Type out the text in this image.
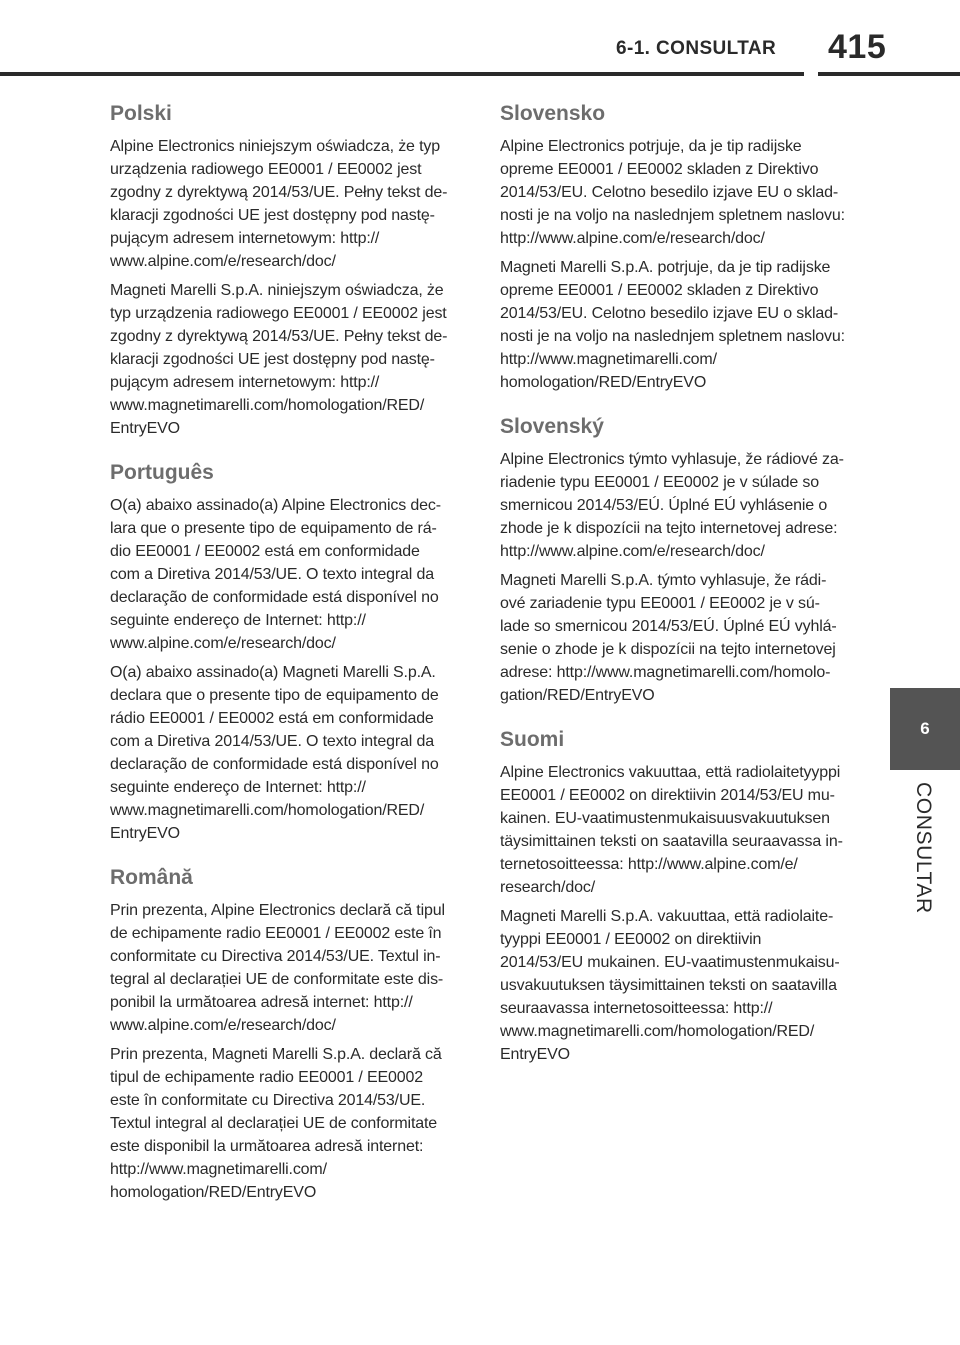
6-1. CONSULTAR 415
6
CONSULTAR
Polski

Alpine Electronics niniejszym oświadcza, że typ
urządzenia radiowego EE0001 / EE0002 jest
zgodny z dyrektywą 2014/53/UE. Pełny tekst de-
klaracji zgodności UE jest dostępny pod nastę-
pującym adresem internetowym: http://
www.alpine.com/e/research/doc/

Magneti Marelli S.p.A. niniejszym oświadcza, że
typ urządzenia radiowego EE0001 / EE0002 jest
zgodny z dyrektywą 2014/53/UE. Pełny tekst de-
klaracji zgodności UE jest dostępny pod nastę-
pującym adresem internetowym: http://
www.magnetimarelli.com/homologation/RED/
EntryEVO

Português

O(a) abaixo assinado(a) Alpine Electronics dec-
lara que o presente tipo de equipamento de rá-
dio EE0001 / EE0002 está em conformidade
com a Diretiva 2014/53/UE. O texto integral da
declaração de conformidade está disponível no
seguinte endereço de Internet: http://
www.alpine.com/e/research/doc/

O(a) abaixo assinado(a) Magneti Marelli S.p.A.
declara que o presente tipo de equipamento de
rádio EE0001 / EE0002 está em conformidade
com a Diretiva 2014/53/UE. O texto integral da
declaração de conformidade está disponível no
seguinte endereço de Internet: http://
www.magnetimarelli.com/homologation/RED/
EntryEVO

Română

Prin prezenta, Alpine Electronics declară că tipul
de echipamente radio EE0001 / EE0002 este în
conformitate cu Directiva 2014/53/UE. Textul in-
tegral al declarației UE de conformitate este dis-
ponibil la următoarea adresă internet: http://
www.alpine.com/e/research/doc/

Prin prezenta, Magneti Marelli S.p.A. declară că
tipul de echipamente radio EE0001 / EE0002
este în conformitate cu Directiva 2014/53/UE.
Textul integral al declarației UE de conformitate
este disponibil la următoarea adresă internet:
http://www.magnetimarelli.com/
homologation/RED/EntryEVO

Slovensko

Alpine Electronics potrjuje, da je tip radijske
opreme EE0001 / EE0002 skladen z Direktivo
2014/53/EU. Celotno besedilo izjave EU o sklad-
nosti je na voljo na naslednjem spletnem naslovu:
http://www.alpine.com/e/research/doc/

Magneti Marelli S.p.A. potrjuje, da je tip radijske
opreme EE0001 / EE0002 skladen z Direktivo
2014/53/EU. Celotno besedilo izjave EU o sklad-
nosti je na voljo na naslednjem spletnem naslovu:
http://www.magnetimarelli.com/
homologation/RED/EntryEVO

Slovenský

Alpine Electronics týmto vyhlasuje, že rádiové za-
riadenie typu EE0001 / EE0002 je v súlade so
smernicou 2014/53/EÚ. Úplné EÚ vyhlásenie o
zhode je k dispozícii na tejto internetovej adrese:
http://www.alpine.com/e/research/doc/

Magneti Marelli S.p.A. týmto vyhlasuje, že rádi-
ové zariadenie typu EE0001 / EE0002 je v sú-
lade so smernicou 2014/53/EÚ. Úplné EÚ vyhlá-
senie o zhode je k dispozícii na tejto internetovej
adrese: http://www.magnetimarelli.com/homolo-
gation/RED/EntryEVO

Suomi

Alpine Electronics vakuuttaa, että radiolaitetyyppi
EE0001 / EE0002 on direktiivin 2014/53/EU mu-
kainen. EU-vaatimustenmukaisuusvakuutuksen
täysimittainen teksti on saatavilla seuraavassa in-
ternetosoitteessa: http://www.alpine.com/e/
research/doc/

Magneti Marelli S.p.A. vakuuttaa, että radiolaite-
tyyppi EE0001 / EE0002 on direktiivin
2014/53/EU mukainen. EU-vaatimustenmukaisu-
usvakuutuksen täysimittainen teksti on saatavilla
seuraavassa internetosoitteessa: http://
www.magnetimarelli.com/homologation/RED/
EntryEVO
